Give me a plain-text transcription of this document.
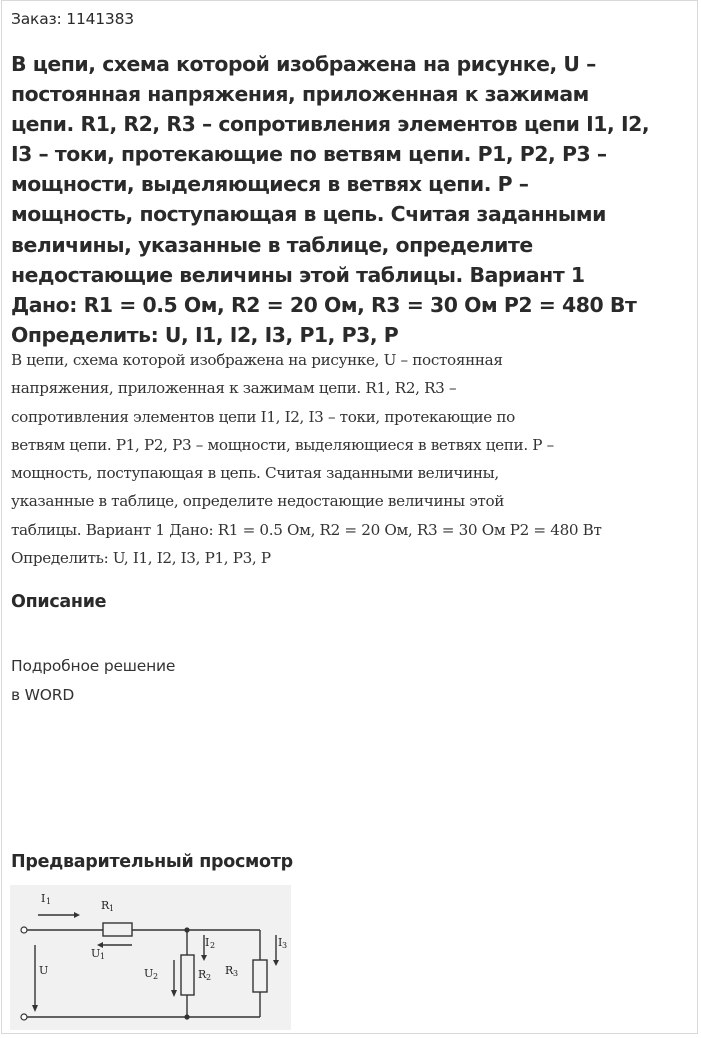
Заказ: 1141383
В цепи, схема которой изображена на рисунке, U –
постоянная напряжения, приложенная к зажимам
цепи. R1, R2, R3 – сопротивления элементов цепи I1, I2,
I3 – токи, протекающие по ветвям цепи. P1, P2, P3 –
мощности, выделяющиеся в ветвях цепи. P –
мощность, поступающая в цепь. Считая заданными
величины, указанные в таблице, определите
недостающие величины этой таблицы. Вариант 1
Дано: R1 = 0.5 Ом, R2 = 20 Ом, R3 = 30 Ом P2 = 480 Вт
Определить: U, I1, I2, I3, P1, P3, P
В цепи, схема которой изображена на рисунке, U – постоянная
напряжения, приложенная к зажимам цепи. R1, R2, R3 –
сопротивления элементов цепи I1, I2, I3 – токи, протекающие по
ветвям цепи. P1, P2, P3 – мощности, выделяющиеся в ветвях цепи. P –
мощность, поступающая в цепь. Считая заданными величины,
указанные в таблице, определите недостающие величины этой
таблицы. Вариант 1 Дано: R1 = 0.5 Ом, R2 = 20 Ом, R3 = 30 Ом P2 = 480 Вт
Определить: U, I1, I2, I3, P1, P3, P
Описание
Подробное решение
в WORD
Предварительный просмотр
I 1	R 1
U 1
U	U 2	R 2
I 2
R 3
I 3
